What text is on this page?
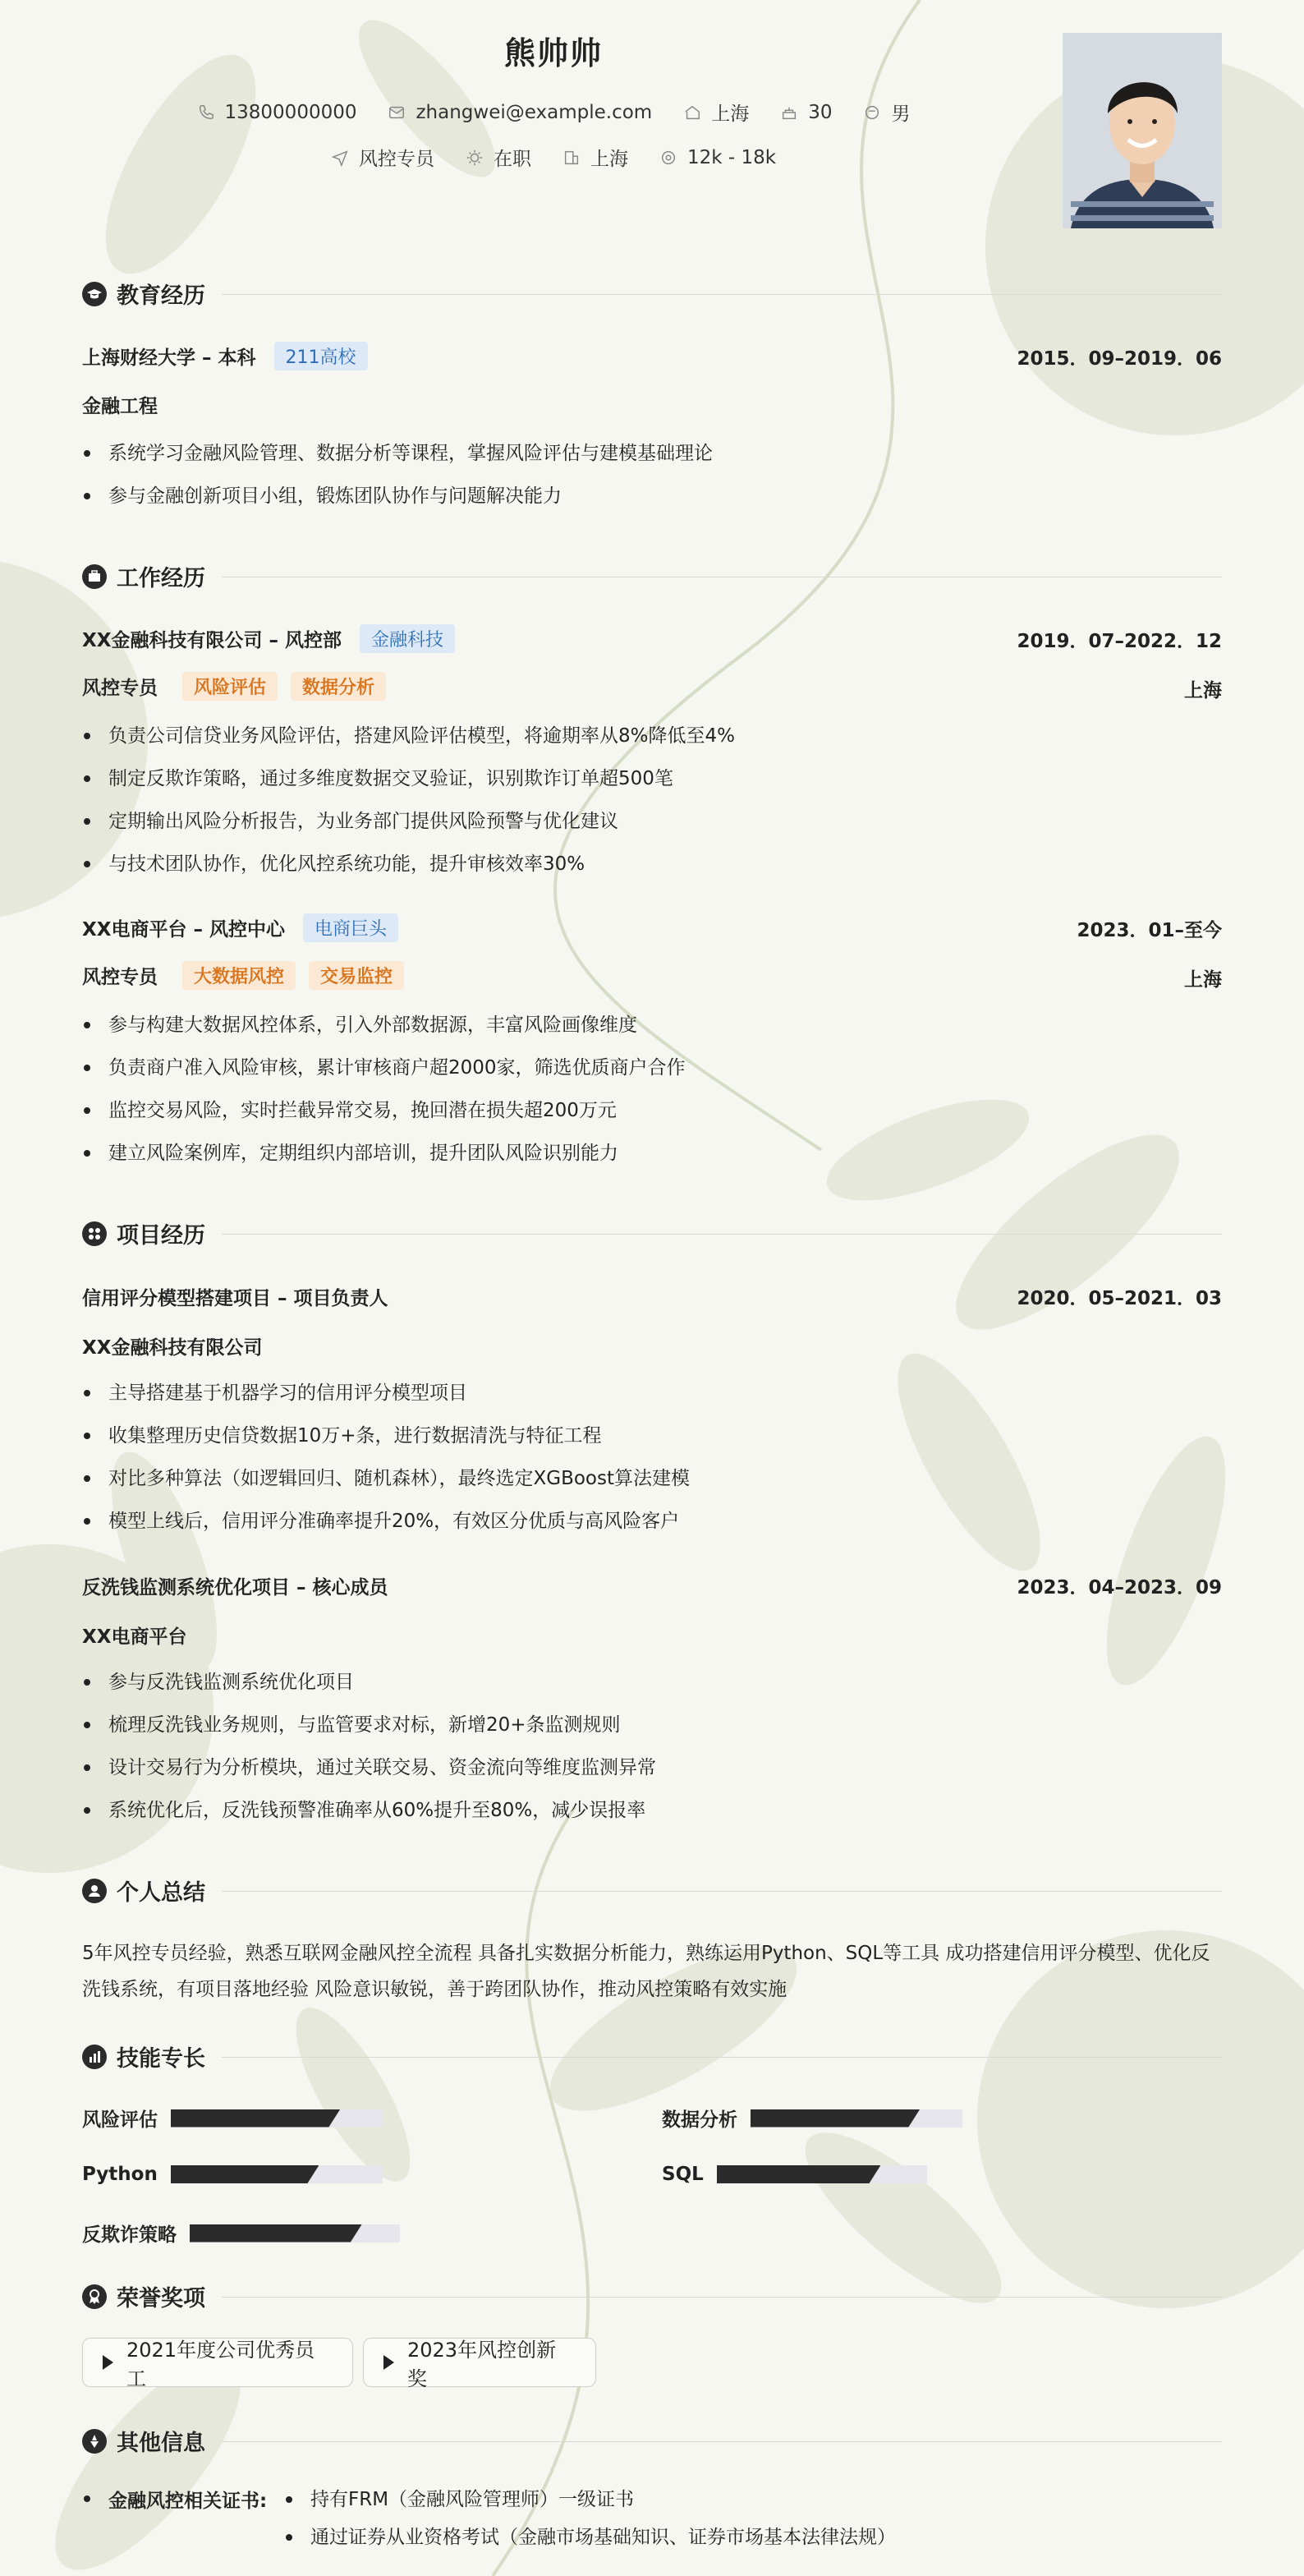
熊帅帅
13800000000	zhangwei@example.com	上海	30	男
风控专员	在职	上海	12k - 18k
教育经历
上海财经大学 – 本科	211高校	2015．09–2019．06
金融工程
系统学习金融风险管理、数据分析等课程，掌握风险评估与建模基础理论
参与金融创新项目小组，锻炼团队协作与问题解决能力
工作经历
XX金融科技有限公司 – 风控部	金融科技	2019．07–2022．12
风控专员	风险评估	数据分析	上海
负责公司信贷业务风险评估，搭建风险评估模型，将逾期率从8%降低至4%
制定反欺诈策略，通过多维度数据交叉验证，识别欺诈订单超500笔
定期输出风险分析报告，为业务部门提供风险预警与优化建议
与技术团队协作，优化风控系统功能，提升审核效率30%
XX电商平台 – 风控中心	电商巨头	2023．01–至今
风控专员	大数据风控	交易监控	上海
参与构建大数据风控体系，引入外部数据源，丰富风险画像维度
负责商户准入风险审核，累计审核商户超2000家，筛选优质商户合作
监控交易风险，实时拦截异常交易，挽回潜在损失超200万元
建立风险案例库，定期组织内部培训，提升团队风险识别能力
项目经历
信用评分模型搭建项目 – 项目负责人	2020．05–2021．03
XX金融科技有限公司
主导搭建基于机器学习的信用评分模型项目
收集整理历史信贷数据10万+条，进行数据清洗与特征工程
对比多种算法（如逻辑回归、随机森林），最终选定XGBoost算法建模
模型上线后，信用评分准确率提升20%，有效区分优质与高风险客户
反洗钱监测系统优化项目 – 核心成员	2023．04–2023．09
XX电商平台
参与反洗钱监测系统优化项目
梳理反洗钱业务规则，与监管要求对标，新增20+条监测规则
设计交易行为分析模块，通过关联交易、资金流向等维度监测异常
系统优化后，反洗钱预警准确率从60%提升至80%，减少误报率
个人总结
5年风控专员经验，熟悉互联网金融风控全流程 具备扎实数据分析能力，熟练运用Python、SQL等工具 成功搭建信用评分模型、优化反洗钱系统，有项目落地经验 风险意识敏锐，善于跨团队协作，推动风控策略有效实施
技能专长
风险评估	数据分析
Python	SQL
反欺诈策略
荣誉奖项
2021年度公司优秀员工
2023年风控创新奖
其他信息
金融风控相关证书:	持有FRM（金融风险管理师）一级证书
通过证券从业资格考试（金融市场基础知识、证券市场基本法律法规）
